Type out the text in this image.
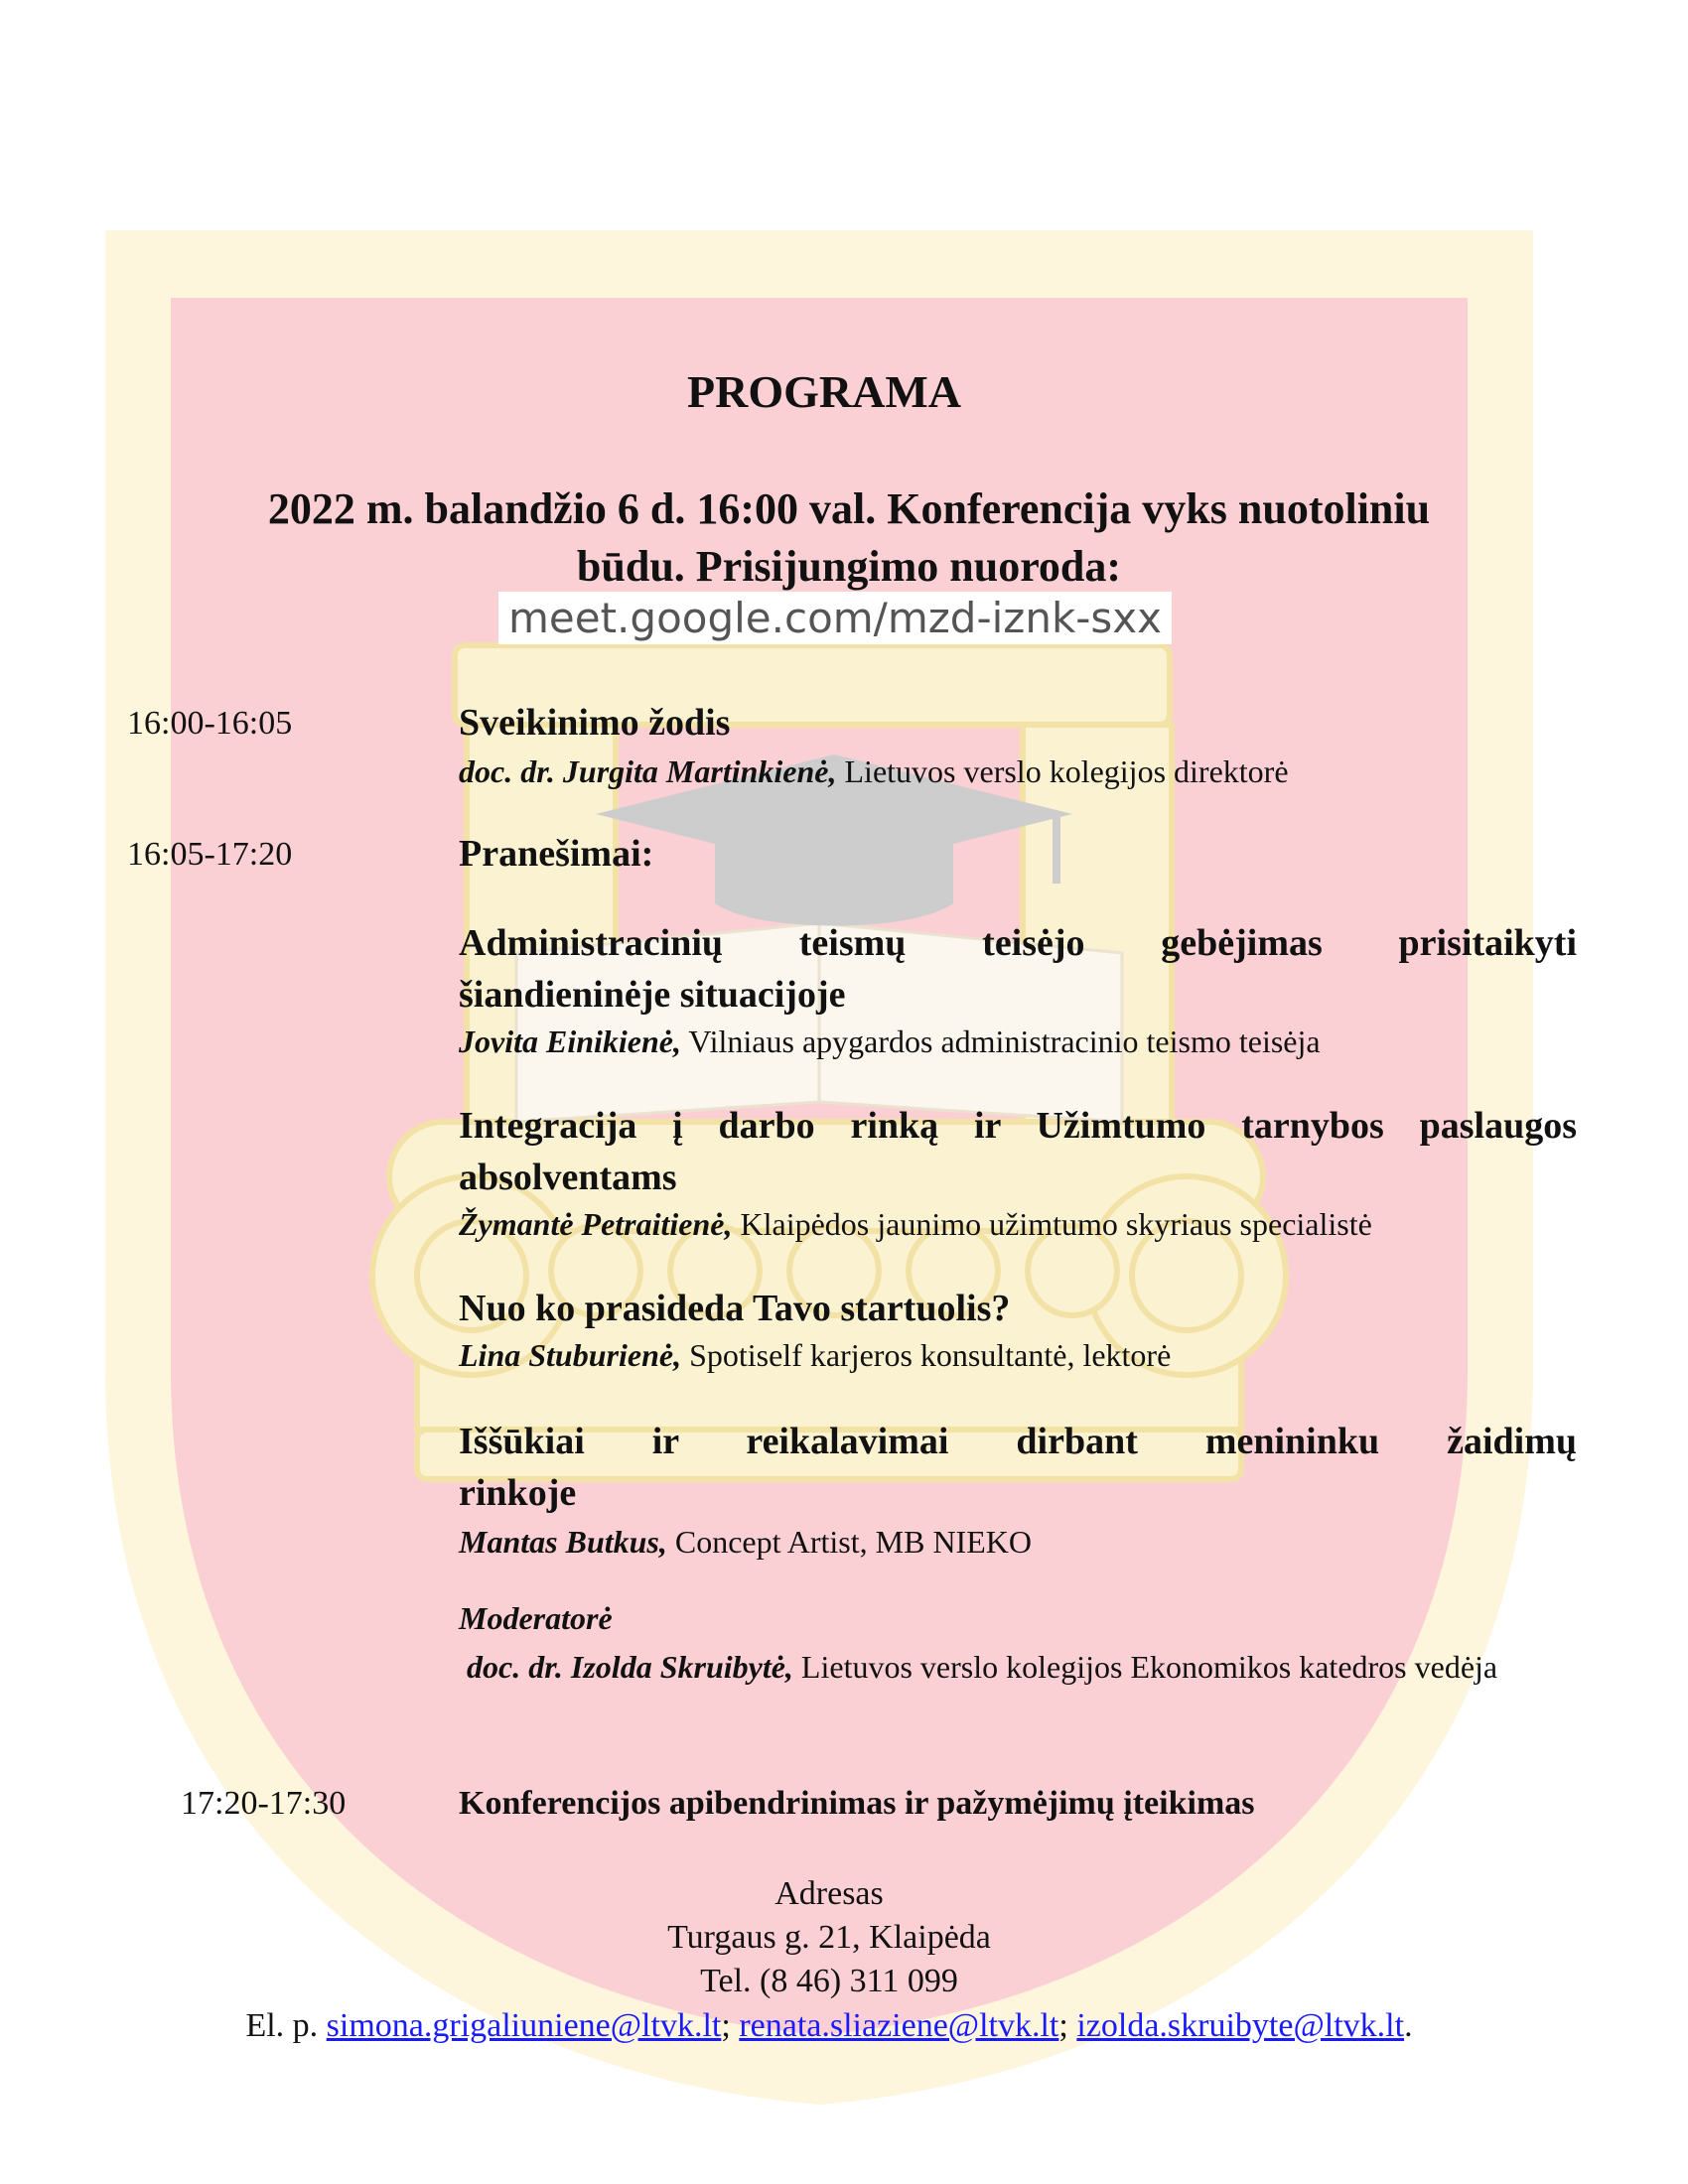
PROGRAMA
2022 m. balandžio 6 d. 16:00 val. Konferencija vyks nuotoliniu
būdu. Prisijungimo nuoroda:
meet.google.com/mzd-iznk-sxx
16:00-16:05	Sveikinimo žodis
doc. dr. Jurgita Martinkienė, Lietuvos verslo kolegijos direktorė
16:05-17:20	Pranešimai:
Administracinių teismų teisėjo gebėjimas prisitaikyti
šiandieninėje situacijoje
Jovita Einikienė, Vilniaus apygardos administracinio teismo teisėja
Integracija į darbo rinką ir Užimtumo tarnybos paslaugos
absolventams
Žymantė Petraitienė, Klaipėdos jaunimo užimtumo skyriaus specialistė
Nuo ko prasideda Tavo startuolis?
Lina Stuburienė, Spotiself karjeros konsultantė, lektorė
Iššūkiai ir reikalavimai dirbant menininku žaidimų
rinkoje
Mantas Butkus, Concept Artist, MB NIEKO
Moderatorė
doc. dr. Izolda Skruibytė, Lietuvos verslo kolegijos Ekonomikos katedros vedėja
17:20-17:30	Konferencijos apibendrinimas ir pažymėjimų įteikimas
Adresas
Turgaus g. 21, Klaipėda
Tel. (8 46) 311 099
El. p. simona.grigaliuniene@ltvk.lt; renata.sliaziene@ltvk.lt; izolda.skruibyte@ltvk.lt.
